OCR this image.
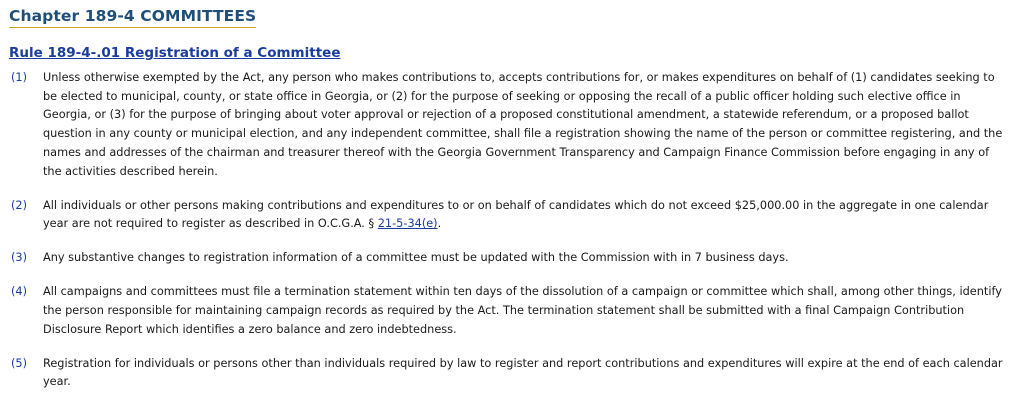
Chapter 189-4 COMMITTEES
Rule 189-4-.01 Registration of a Committee
(1)	Unless otherwise exempted by the Act, any person who makes contributions to, accepts contributions for, or makes expenditures on behalf of (1) candidates seeking to be elected to municipal, county, or state office in Georgia, or (2) for the purpose of seeking or opposing the recall of a public officer holding such elective office in Georgia, or (3) for the purpose of bringing about voter approval or rejection of a proposed constitutional amendment, a statewide referendum, or a proposed ballot question in any county or municipal election, and any independent committee, shall file a registration showing the name of the person or committee registering, and the names and addresses of the chairman and treasurer thereof with the Georgia Government Transparency and Campaign Finance Commission before engaging in any of the activities described herein.
(2)	All individuals or other persons making contributions and expenditures to or on behalf of candidates which do not exceed $25,000.00 in the aggregate in one calendar year are not required to register as described in O.C.G.A. § 21-5-34(e).
(3)	Any substantive changes to registration information of a committee must be updated with the Commission with in 7 business days.
(4)	All campaigns and committees must file a termination statement within ten days of the dissolution of a campaign or committee which shall, among other things, identify the person responsible for maintaining campaign records as required by the Act. The termination statement shall be submitted with a final Campaign Contribution Disclosure Report which identifies a zero balance and zero indebtedness.
(5)	Registration for individuals or persons other than individuals required by law to register and report contributions and expenditures will expire at the end of each calendar year.
